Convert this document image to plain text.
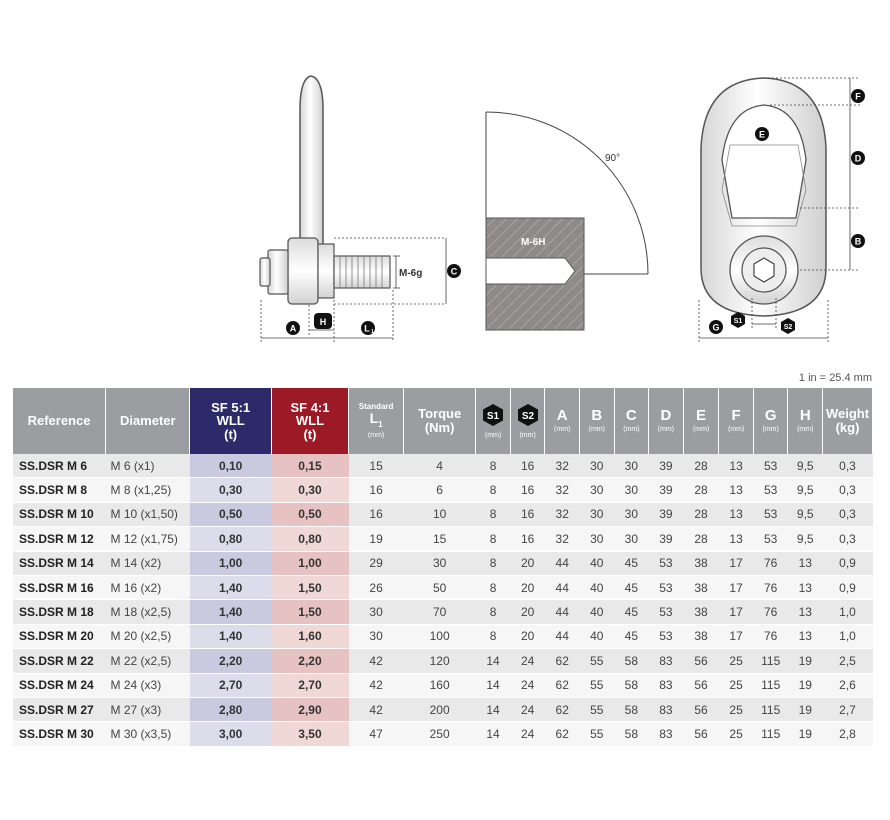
M-6g
A
H
L 1
C
90°
M-6H
E
F
D
B
G
S1
S2
1 in = 25.4 mm
Reference	Diameter	SF 5:1
WLL
(t)	SF 4:1
WLL
(t)	Standard
$L_1$
(mm)	Torque
(Nm)	S1
(mm)	S2
(mm)	A
(mm)	B
(mm)	C
(mm)	D
(mm)	E
(mm)	F
(mm)	G
(mm)	H
(mm)	Weight
(kg)

SS.DSR M 6	M 6 (x1)	0,10	0,15	15	4	8	16	32	30	30	39	28	13	53	9,5	0,3
SS.DSR M 8	M 8 (x1,25)	0,30	0,30	16	6	8	16	32	30	30	39	28	13	53	9,5	0,3
SS.DSR M 10	M 10 (x1,50)	0,50	0,50	16	10	8	16	32	30	30	39	28	13	53	9,5	0,3
SS.DSR M 12	M 12 (x1,75)	0,80	0,80	19	15	8	16	32	30	30	39	28	13	53	9,5	0,3
SS.DSR M 14	M 14 (x2)	1,00	1,00	29	30	8	20	44	40	45	53	38	17	76	13	0,9
SS.DSR M 16	M 16 (x2)	1,40	1,50	26	50	8	20	44	40	45	53	38	17	76	13	0,9
SS.DSR M 18	M 18 (x2,5)	1,40	1,50	30	70	8	20	44	40	45	53	38	17	76	13	1,0
SS.DSR M 20	M 20 (x2,5)	1,40	1,60	30	100	8	20	44	40	45	53	38	17	76	13	1,0
SS.DSR M 22	M 22 (x2,5)	2,20	2,20	42	120	14	24	62	55	58	83	56	25	115	19	2,5
SS.DSR M 24	M 24 (x3)	2,70	2,70	42	160	14	24	62	55	58	83	56	25	115	19	2,6
SS.DSR M 27	M 27 (x3)	2,80	2,90	42	200	14	24	62	55	58	83	56	25	115	19	2,7
SS.DSR M 30	M 30 (x3,5)	3,00	3,50	47	250	14	24	62	55	58	83	56	25	115	19	2,8
